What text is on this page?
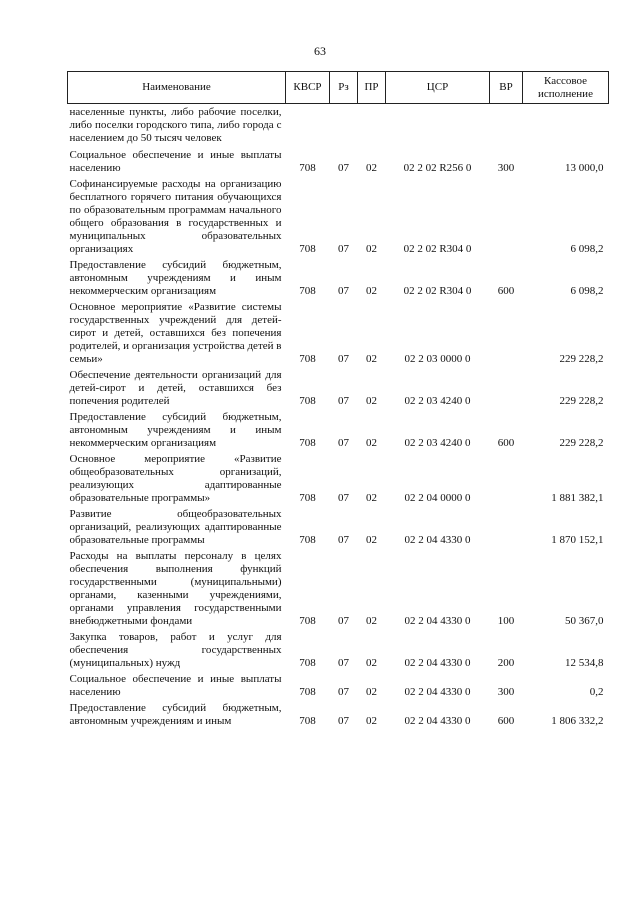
63
Наименование	КВСР	Рз	ПР	ЦСР	ВР	Кассовое исполнение
населенные пункты, либо рабочие поселки, либо поселки городского типа, либо города с населением до 50 тысяч человек						
Социальное обеспечение и иные выплаты населению	708	07	02	02 2 02 R256 0	300	13 000,0
Софинансируемые расходы на организацию бесплатного горячего питания обучающихся по образовательным программам начального общего образования в государственных и муниципальных образовательных организациях	708	07	02	02 2 02 R304 0		6 098,2
Предоставление субсидий бюджетным, автономным учреждениям и иным некоммерческим организациям	708	07	02	02 2 02 R304 0	600	6 098,2
Основное мероприятие «Развитие системы государственных учреждений для детей-сирот и детей, оставшихся без попечения родителей, и организация устройства детей в семьи»	708	07	02	02 2 03 0000 0		229 228,2
Обеспечение деятельности организаций для детей-сирот и детей, оставшихся без попечения родителей	708	07	02	02 2 03 4240 0		229 228,2
Предоставление субсидий бюджетным, автономным учреждениям и иным некоммерческим организациям	708	07	02	02 2 03 4240 0	600	229 228,2
Основное мероприятие «Развитие общеобразовательных организаций, реализующих адаптированные образовательные программы»	708	07	02	02 2 04 0000 0		1 881 382,1
Развитие общеобразовательных организаций, реализующих адаптированные образовательные программы	708	07	02	02 2 04 4330 0		1 870 152,1
Расходы на выплаты персоналу в целях обеспечения выполнения функций государственными (муниципальными) органами, казенными учреждениями, органами управления государственными внебюджетными фондами	708	07	02	02 2 04 4330 0	100	50 367,0
Закупка товаров, работ и услуг для обеспечения государственных (муниципальных) нужд	708	07	02	02 2 04 4330 0	200	12 534,8
Социальное обеспечение и иные выплаты населению	708	07	02	02 2 04 4330 0	300	0,2
Предоставление субсидий бюджетным, автономным учреждениям и иным	708	07	02	02 2 04 4330 0	600	1 806 332,2
